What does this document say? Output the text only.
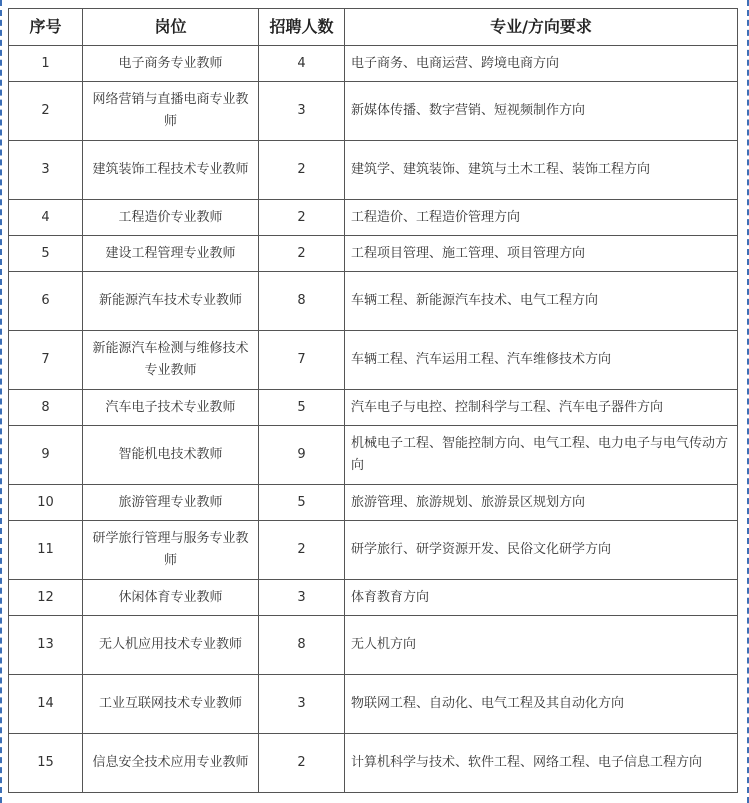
序号	岗位	招聘人数	专业/方向要求
1	电子商务专业教师	4	电子商务、电商运营、跨境电商方向
2	网络营销与直播电商专业教师	3	新媒体传播、数字营销、短视频制作方向
3	建筑装饰工程技术专业教师	2	建筑学、建筑装饰、建筑与土木工程、装饰工程方向
4	工程造价专业教师	2	工程造价、工程造价管理方向
5	建设工程管理专业教师	2	工程项目管理、施工管理、项目管理方向
6	新能源汽车技术专业教师	8	车辆工程、新能源汽车技术、电气工程方向
7	新能源汽车检测与维修技术专业教师	7	车辆工程、汽车运用工程、汽车维修技术方向
8	汽车电子技术专业教师	5	汽车电子与电控、控制科学与工程、汽车电子器件方向
9	智能机电技术教师	9	机械电子工程、智能控制方向、电气工程、电力电子与电气传动方向
10	旅游管理专业教师	5	旅游管理、旅游规划、旅游景区规划方向
11	研学旅行管理与服务专业教师	2	研学旅行、研学资源开发、民俗文化研学方向
12	休闲体育专业教师	3	体育教育方向
13	无人机应用技术专业教师	8	无人机方向
14	工业互联网技术专业教师	3	物联网工程、自动化、电气工程及其自动化方向
15	信息安全技术应用专业教师	2	计算机科学与技术、软件工程、网络工程、电子信息工程方向
